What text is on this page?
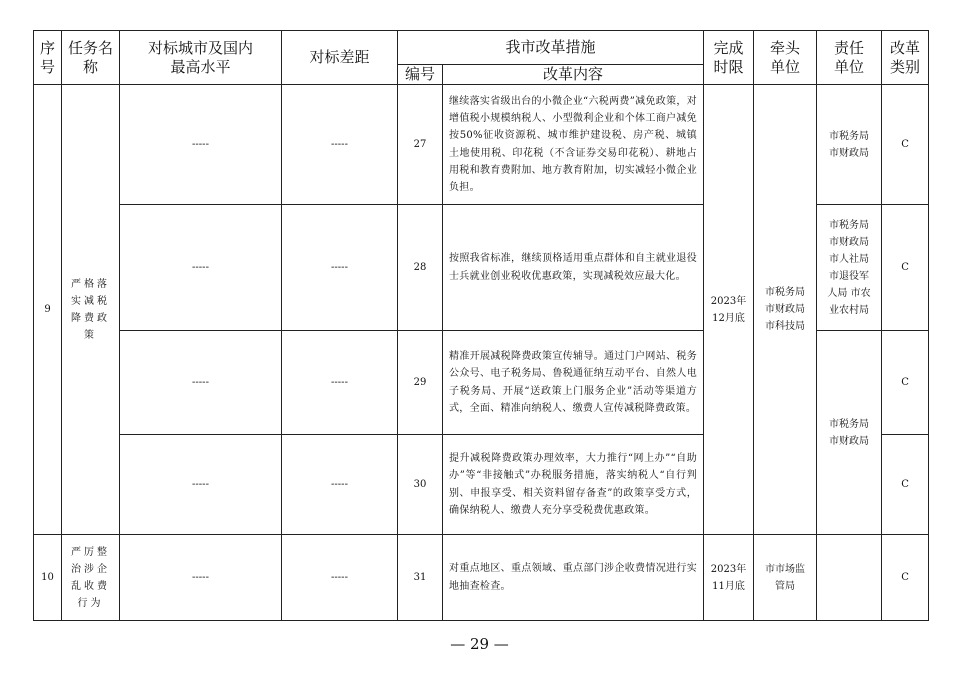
序号	任务名称	对标城市及国内最高水平	对标差距	我市改革措施		完成时限	牵头单位	责任单位	改革类别
				编号	改革内容				
9	严格落实减税降费政策	-----	-----	27	继续落实省级出台的小微企业“六税两费”减免政策，对增值税小规模纳税人、小型微利企业和个体工商户减免按50%征收资源税、城市维护建设税、房产税、城镇土地使用税、印花税（不含证券交易印花税）、耕地占用税和教育费附加、地方教育附加，切实减轻小微企业负担。	2023年12月底	市税务局 市财政局 市科技局	市税务局 市财政局	C
		-----	-----	28	按照我省标准，继续顶格适用重点群体和自主就业退役士兵就业创业税收优惠政策，实现减税效应最大化。			市税务局 市财政局 市人社局 市退役军人局 市农业农村局	C
		-----	-----	29	精准开展减税降费政策宣传辅导。通过门户网站、税务公众号、电子税务局、鲁税通征纳互动平台、自然人电子税务局、开展“送政策上门服务企业”活动等渠道方式，全面、精准向纳税人、缴费人宣传减税降费政策。			市税务局 市财政局	C
		-----	-----	30	提升减税降费政策办理效率，大力推行“网上办”“自助办”等“非接触式”办税服务措施，落实纳税人“自行判别、申报享受、相关资料留存备查”的政策享受方式，确保纳税人、缴费人充分享受税费优惠政策。				C
10	严厉整治涉企乱收费行为	-----	-----	31	对重点地区、重点领域、重点部门涉企收费情况进行实地抽查检查。	2023年11月底	市市场监管局		C
— 29 —
